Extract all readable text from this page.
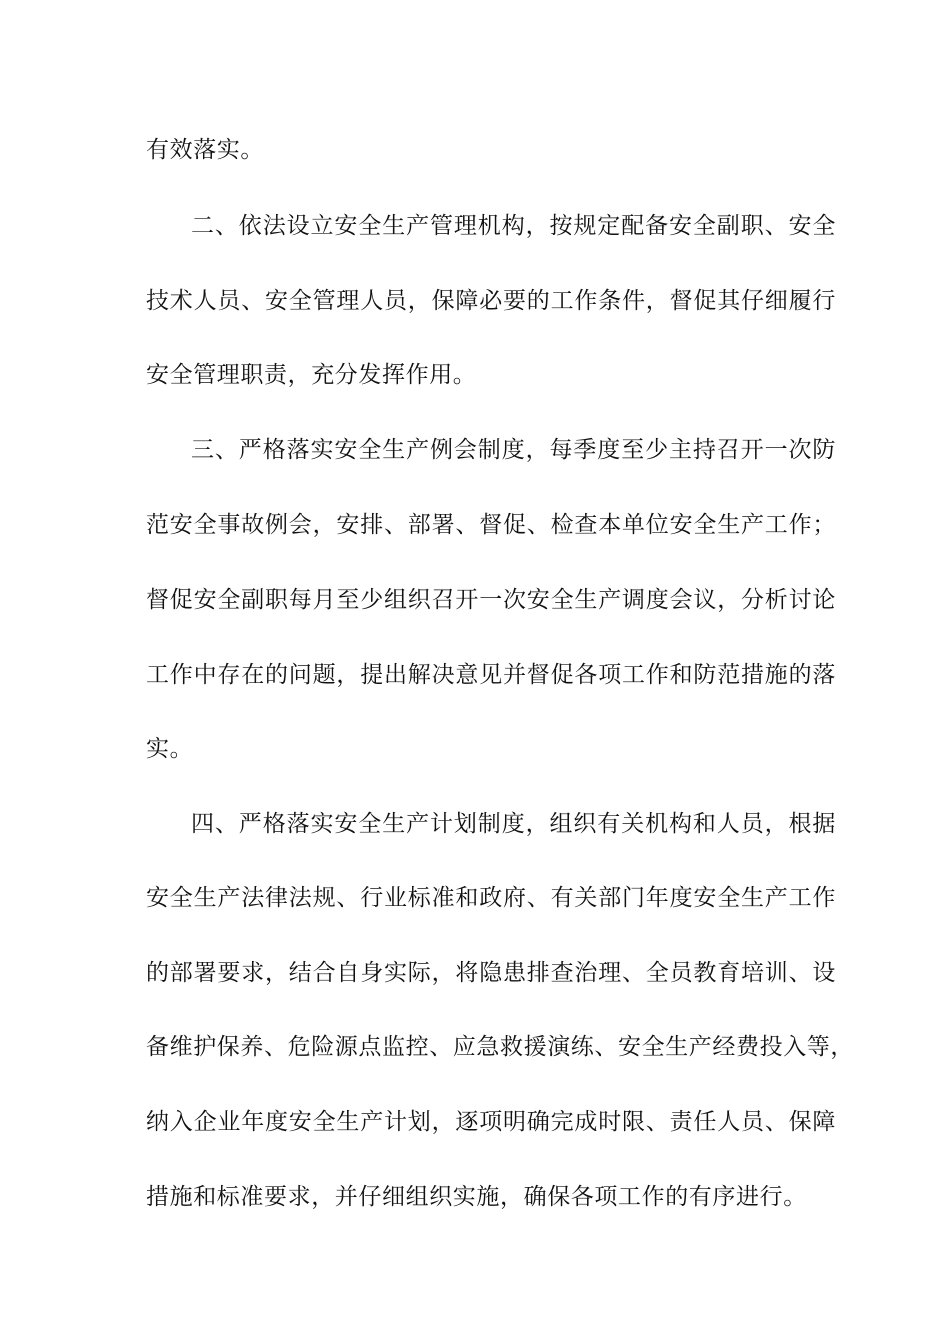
有效落实。
二、依法设立安全生产管理机构，按规定配备安全副职、安全
技术人员、安全管理人员，保障必要的工作条件，督促其仔细履行
安全管理职责，充分发挥作用。
三、严格落实安全生产例会制度，每季度至少主持召开一次防
范安全事故例会，安排、部署、督促、检查本单位安全生产工作；
督促安全副职每月至少组织召开一次安全生产调度会议，分析讨论
工作中存在的问题，提出解决意见并督促各项工作和防范措施的落
实。
四、严格落实安全生产计划制度，组织有关机构和人员，根据
安全生产法律法规、行业标准和政府、有关部门年度安全生产工作
的部署要求，结合自身实际，将隐患排查治理、全员教育培训、设
备维护保养、危险源点监控、应急救援演练、安全生产经费投入等，
纳入企业年度安全生产计划，逐项明确完成时限、责任人员、保障
措施和标准要求，并仔细组织实施，确保各项工作的有序进行。
